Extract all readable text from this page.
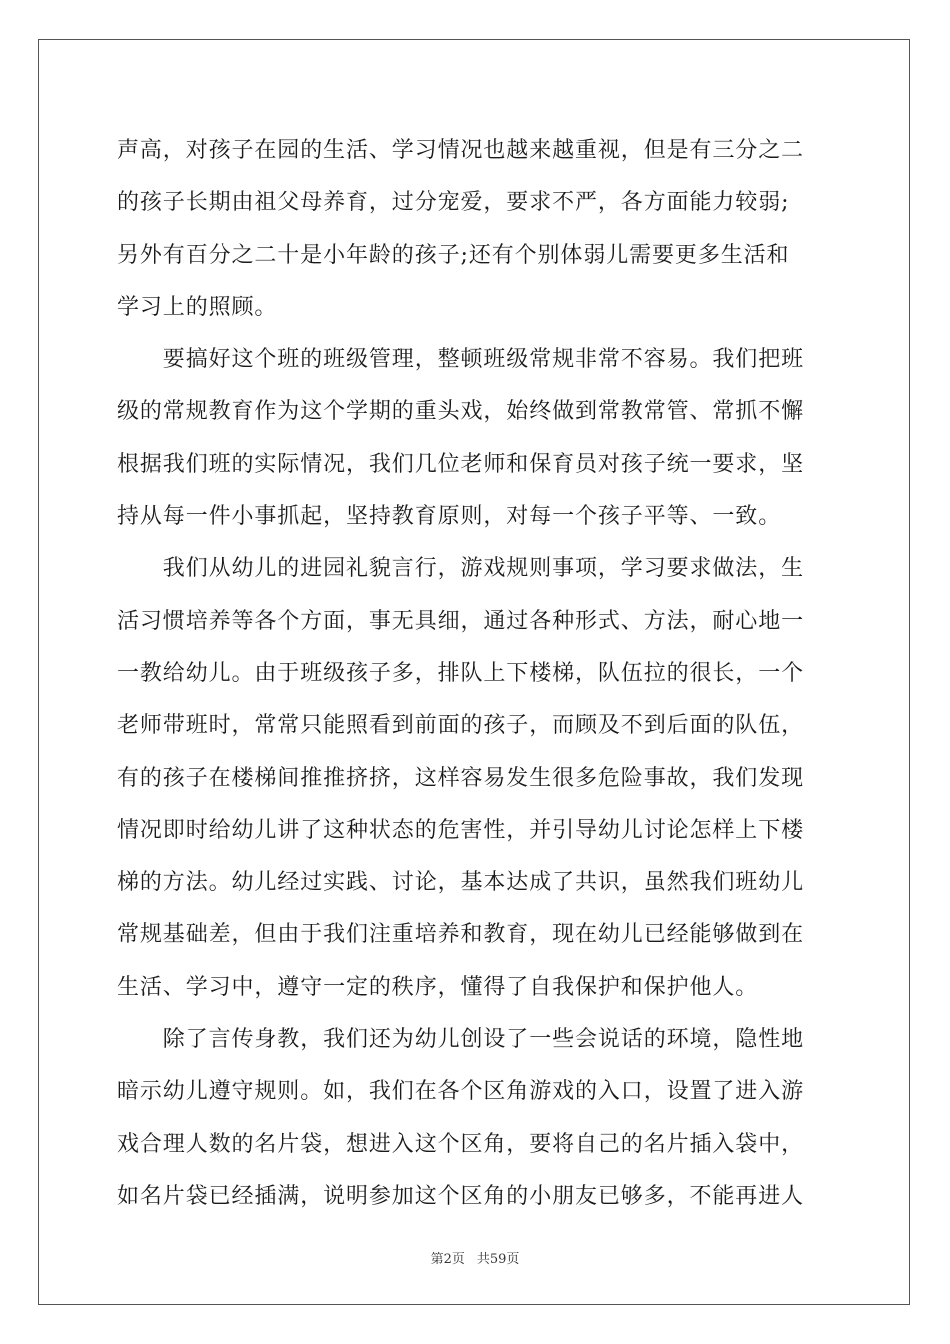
声高，对孩子在园的生活、学习情况也越来越重视，但是有三分之二
的孩子长期由祖父母养育，过分宠爱，要求不严，各方面能力较弱;
另外有百分之二十是小年龄的孩子;还有个别体弱儿需要更多生活和
学习上的照顾。
　　要搞好这个班的班级管理，整顿班级常规非常不容易。我们把班
级的常规教育作为这个学期的重头戏，始终做到常教常管、常抓不懈
根据我们班的实际情况，我们几位老师和保育员对孩子统一要求，坚
持从每一件小事抓起，坚持教育原则，对每一个孩子平等、一致。
　　我们从幼儿的进园礼貌言行，游戏规则事项，学习要求做法，生
活习惯培养等各个方面，事无具细，通过各种形式、方法，耐心地一
一教给幼儿。由于班级孩子多，排队上下楼梯，队伍拉的很长，一个
老师带班时，常常只能照看到前面的孩子，而顾及不到后面的队伍，
有的孩子在楼梯间推推挤挤，这样容易发生很多危险事故，我们发现
情况即时给幼儿讲了这种状态的危害性，并引导幼儿讨论怎样上下楼
梯的方法。幼儿经过实践、讨论，基本达成了共识，虽然我们班幼儿
常规基础差，但由于我们注重培养和教育，现在幼儿已经能够做到在
生活、学习中，遵守一定的秩序，懂得了自我保护和保护他人。
　　除了言传身教，我们还为幼儿创设了一些会说话的环境，隐性地
暗示幼儿遵守规则。如，我们在各个区角游戏的入口，设置了进入游
戏合理人数的名片袋，想进入这个区角，要将自己的名片插入袋中，
如名片袋已经插满，说明参加这个区角的小朋友已够多，不能再进人
第2页 共59页
